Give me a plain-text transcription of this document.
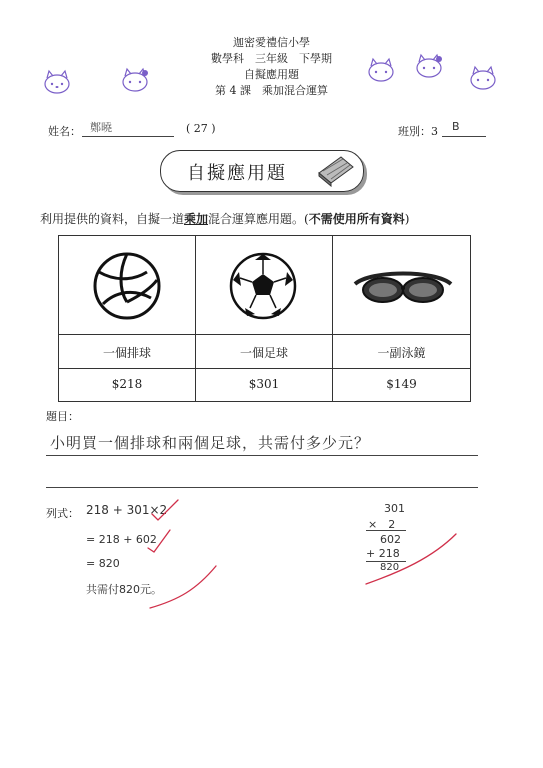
迦密愛禮信小學
數學科　三年級　下學期
自擬應用題
第 4 課　乘加混合運算
姓名： 鄭曉	( 27 )	班別：3 B
自擬應用題
利用提供的資料，自擬一道乘加混合運算應用題。(不需使用所有資料)
一個排球	一個足球	一副泳鏡
$218	$301	$149
題目：
小明買一個排球和兩個足球，共需付多少元？
列式： 218 + 301×2
= 218 + 602
= 820
共需付820元。
301
×　2
602
+ 218
820
